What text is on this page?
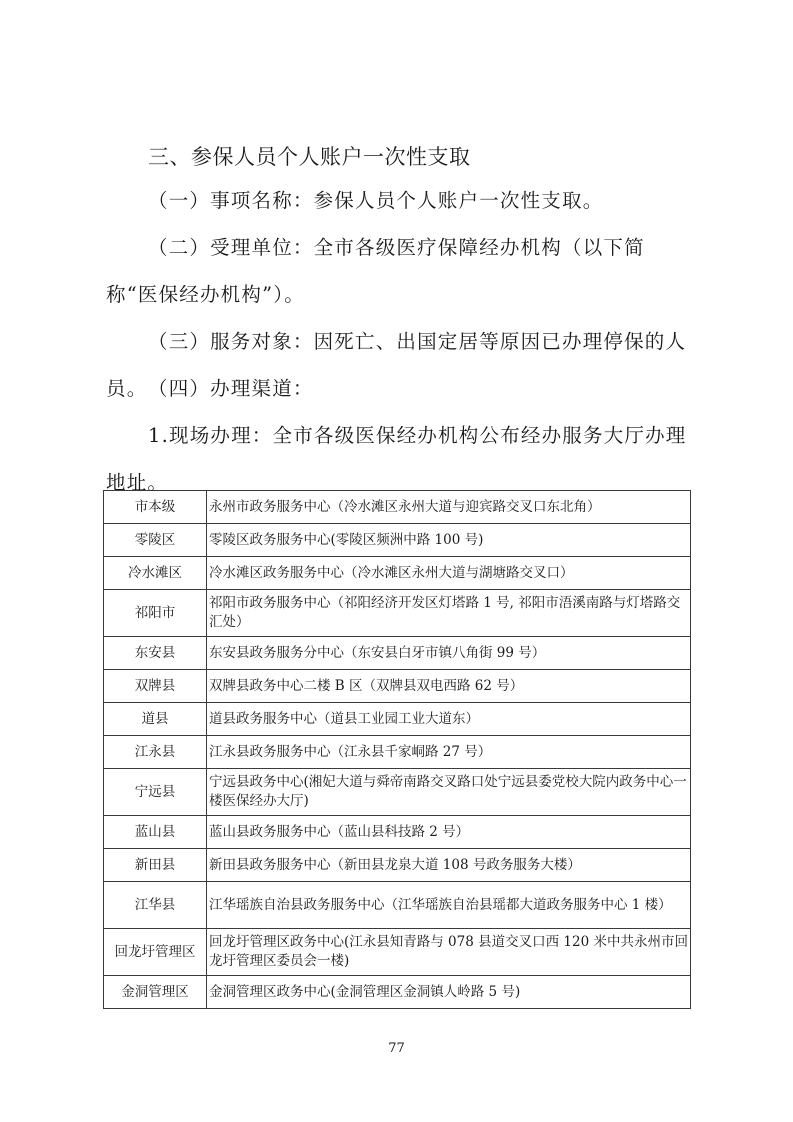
三、参保人员个人账户一次性支取
（一）事项名称：参保人员个人账户一次性支取。
（二）受理单位：全市各级医疗保障经办机构（以下简称“医保经办机构”）。
（三）服务对象：因死亡、出国定居等原因已办理停保的人员。 （四）办理渠道：
1.现场办理：全市各级医保经办机构公布经办服务大厅办理地址。
市本级	永州市政务服务中心（冷水滩区永州大道与迎宾路交叉口东北角）
零陵区	零陵区政务服务中心(零陵区频洲中路 100 号)
冷水滩区	冷水滩区政务服务中心（冷水滩区永州大道与湖塘路交叉口）
祁阳市	祁阳市政务服务中心（祁阳经济开发区灯塔路 1 号, 祁阳市浯溪南路与灯塔路交汇处）
东安县	东安县政务服务分中心（东安县白牙市镇八角街 99 号）
双牌县	双牌县政务中心二楼 B 区（双牌县双电西路 62 号）
道县	道县政务服务中心（道县工业园工业大道东）
江永县	江永县政务服务中心（江永县千家峒路 27 号）
宁远县	宁远县政务中心(湘妃大道与舜帝南路交叉路口处宁远县委党校大院内政务中心一楼医保经办大厅)
蓝山县	蓝山县政务服务中心（蓝山县科技路 2 号）
新田县	新田县政务服务中心（新田县龙泉大道 108 号政务服务大楼）
江华县	江华瑶族自治县政务服务中心（江华瑶族自治县瑶都大道政务服务中心 1 楼）
回龙圩管理区	回龙圩管理区政务中心(江永县知青路与 078 县道交叉口西 120 米中共永州市回龙圩管理区委员会一楼)
金洞管理区	金洞管理区政务中心(金洞管理区金洞镇人岭路 5 号)
77
